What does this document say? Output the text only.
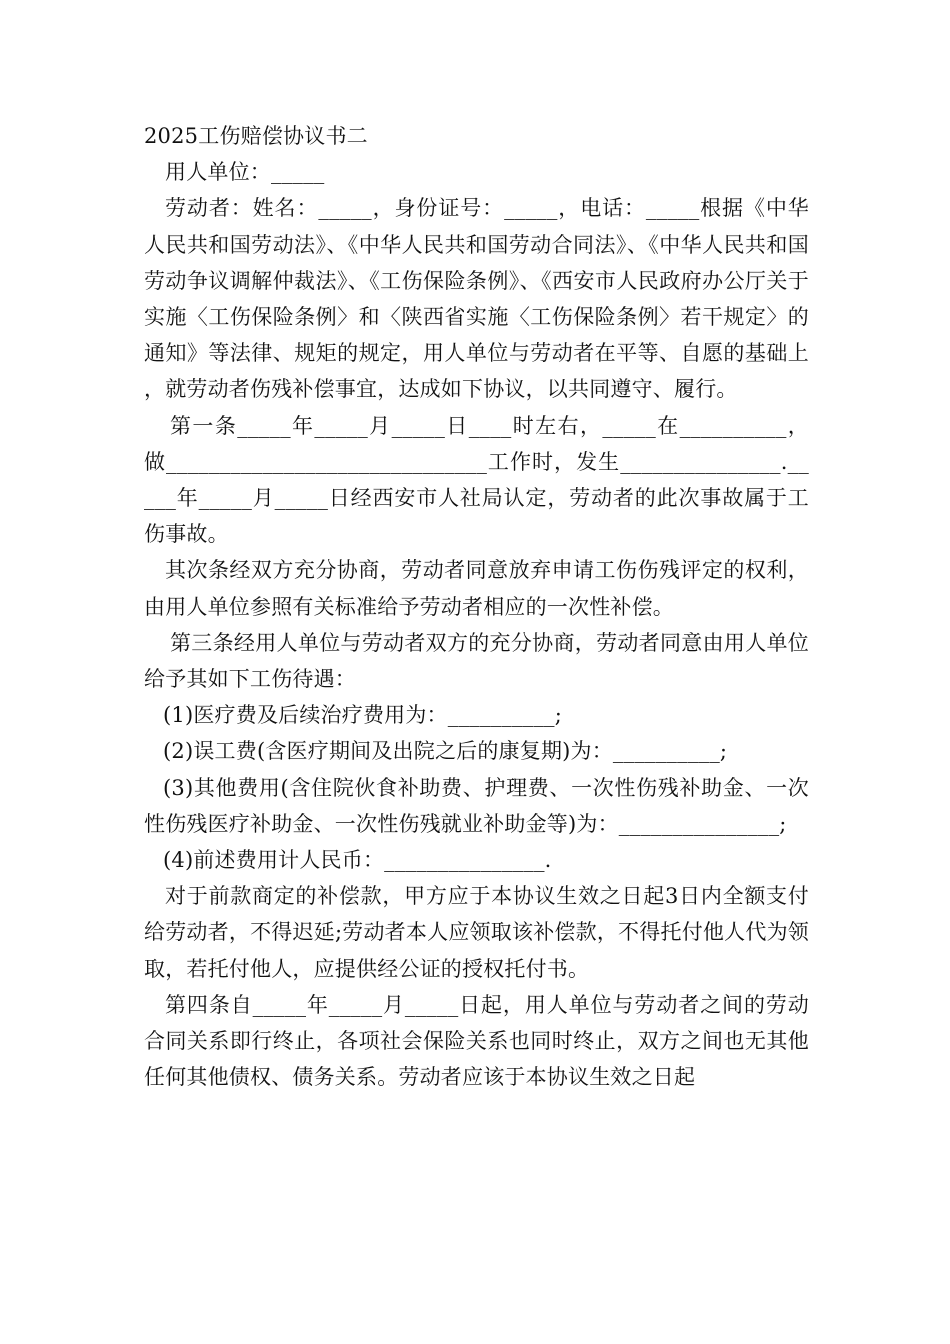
2025工伤赔偿协议书二

用人单位：_____

劳动者：姓名：_____，身份证号：_____，电话：_____根据《中华人民共和国劳动法》、《中华人民共和国劳动合同法》、《中华人民共和国劳动争议调解仲裁法》、《工伤保险条例》、《西安市人民政府办公厅关于实施〈工伤保险条例〉和〈陕西省实施〈工伤保险条例〉若干规定〉的通知》等法律、规矩的规定，用人单位与劳动者在平等、自愿的基础上，就劳动者伤残补偿事宜，达成如下协议，以共同遵守、履行。

第一条_____年_____月_____日____时左右，_____在__________，做______________________________工作时，发生_______________._____年_____月_____日经西安市人社局认定，劳动者的此次事故属于工伤事故。

其次条经双方充分协商，劳动者同意放弃申请工伤伤残评定的权利，由用人单位参照有关标准给予劳动者相应的一次性补偿。

第三条经用人单位与劳动者双方的充分协商，劳动者同意由用人单位给予其如下工伤待遇：

(1)医疗费及后续治疗费用为：__________;

(2)误工费(含医疗期间及出院之后的康复期)为：__________;

(3)其他费用(含住院伙食补助费、护理费、一次性伤残补助金、一次性伤残医疗补助金、一次性伤残就业补助金等)为：_______________;

(4)前述费用计人民币：_______________.

对于前款商定的补偿款，甲方应于本协议生效之日起3日内全额支付给劳动者，不得迟延;劳动者本人应领取该补偿款，不得托付他人代为领取，若托付他人，应提供经公证的授权托付书。

第四条自_____年_____月_____日起，用人单位与劳动者之间的劳动合同关系即行终止，各项社会保险关系也同时终止，双方之间也无其他任何其他债权、债务关系。劳动者应该于本协议生效之日起
